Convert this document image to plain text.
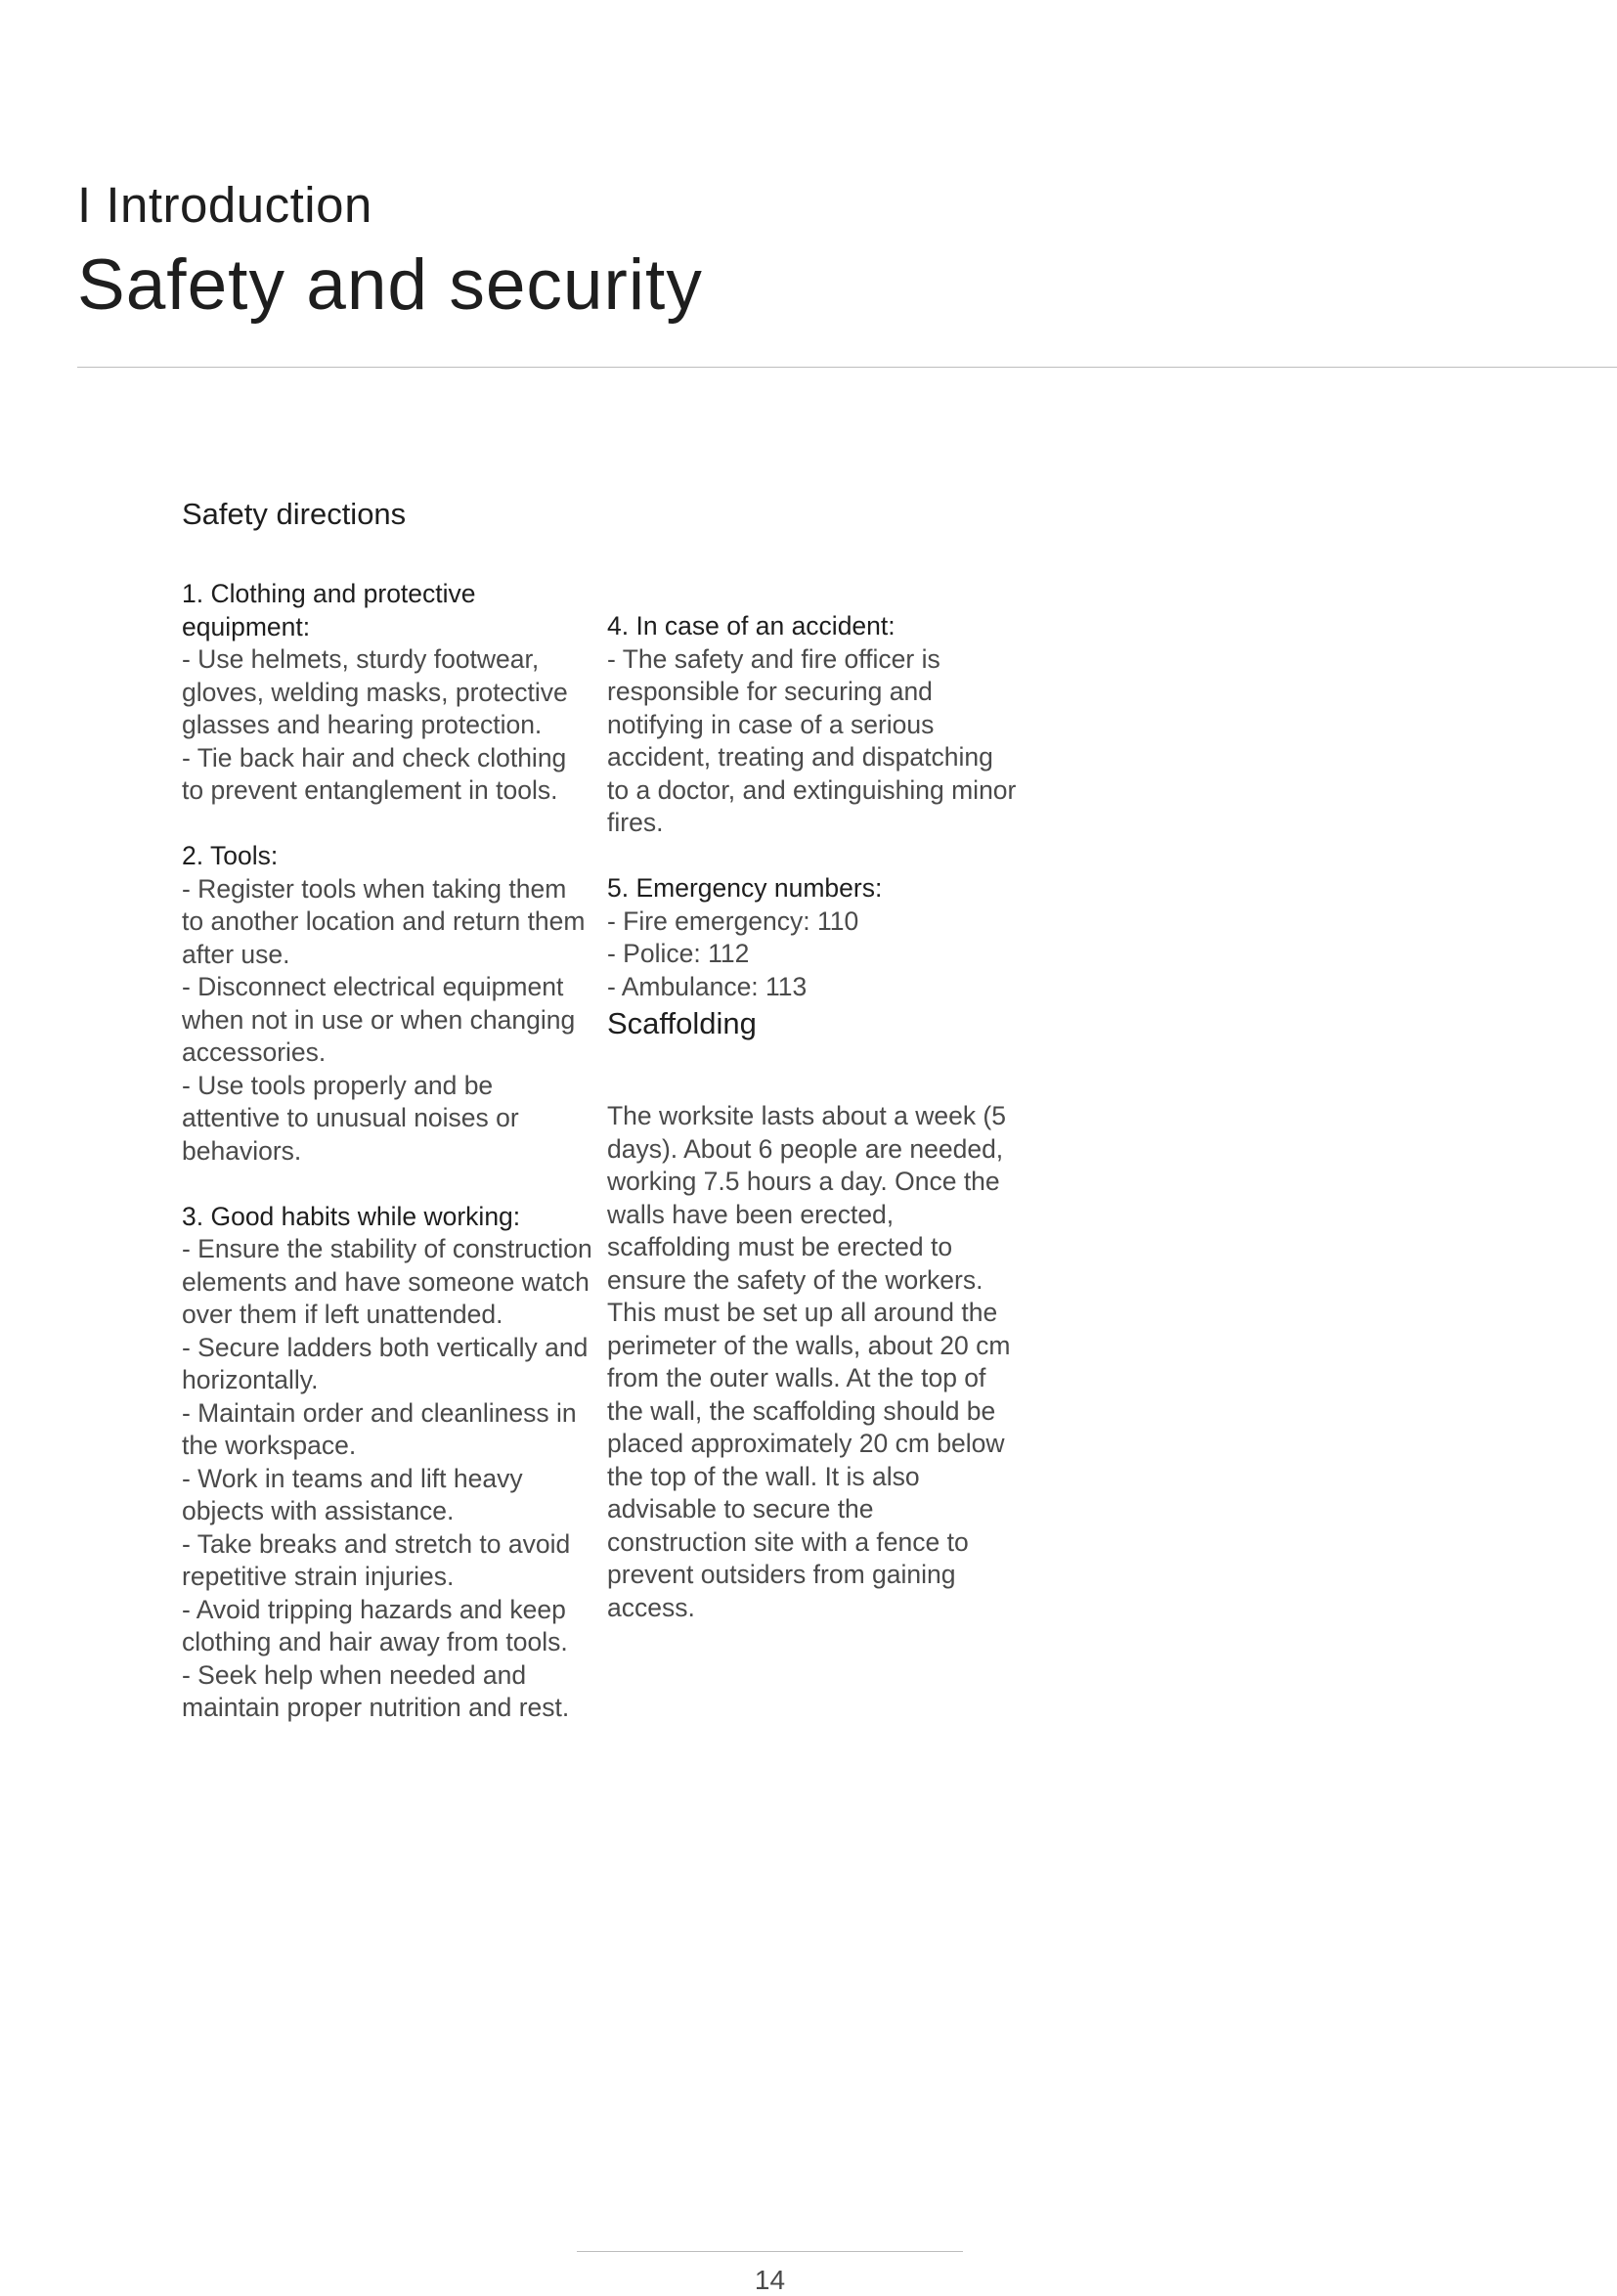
I Introduction
Safety and security
Safety directions
1. Clothing and protective equipment:
- Use helmets, sturdy footwear, gloves, welding masks, protective glasses and hearing protection.
- Tie back hair and check clothing to prevent entanglement in tools.
2. Tools:
- Register tools when taking them to another location and return them after use.
- Disconnect electrical equipment when not in use or when changing accessories.
- Use tools properly and be attentive to unusual noises or behaviors.
3. Good habits while working:
- Ensure the stability of construction elements and have someone watch over them if left unattended.
- Secure ladders both vertically and horizontally.
- Maintain order and cleanliness in the workspace.
- Work in teams and lift heavy objects with assistance.
- Take breaks and stretch to avoid repetitive strain injuries.
- Avoid tripping hazards and keep clothing and hair away from tools.
- Seek help when needed and maintain proper nutrition and rest.
4. In case of an accident:
- The safety and fire officer is responsible for securing and notifying in case of a serious accident, treating and dispatching to a doctor, and extinguishing minor fires.
5. Emergency numbers:
- Fire emergency: 110
- Police: 112
- Ambulance: 113
Scaffolding

The worksite lasts about a week (5 days). About 6 people are needed, working 7.5 hours a day. Once the walls have been erected, scaffolding must be erected to ensure the safety of the workers. This must be set up all around the perimeter of the walls, about 20 cm from the outer walls. At the top of the wall, the scaffolding should be placed approximately 20 cm below the top of the wall. It is also advisable to secure the construction site with a fence to prevent outsiders from gaining access.

14
